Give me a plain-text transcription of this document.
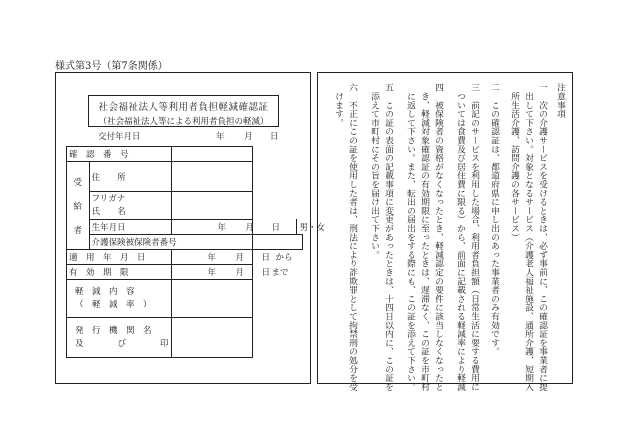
様式第3号（第7条関係）
社会福祉法人等利用者負担軽減確認証
（社会福祉法人等による利用者負担の軽減）
交付年月日	年 月 日
確　認　番　号			

受
給
者	住　　所		

	フリガナ
氏　　名		

	生年月日	年 月 日 男・女	

	介護保険被保険者番号		
適　用　年　月　日		年 月 日 から	

有　効　期　限		年 月 日 まで	

軽　減　内　容
（　軽　減　率　）			

発　行　機　関　名
及　　　　び　　　　印			

注意事項
一　次の介護サービスを受けるときは、必ず事前に、この確認証を事業者に提
　出して下さい。対象となるサービス（介護老人福祉施設、通所介護、短期入
　所生活介護、訪問介護の各サービス）
二　この確認証は、都道府県に申し出のあった事業者のみ有効です。
三　前記のサービスを利用した場合、利用者負担額（日常生活に要する費用に
　ついては食費及び居住費に限る）から、前面に記載される軽減率により軽減
四　被保険者の資格がなくなったとき、軽減認定の要件に該当しなくなったと
　き、軽減対象確認証の有効期限に至ったときは、遅滞なく、この証を市町村
　に返して下さい。また、転出の届出をする際にも、この証を添えて下さい。
五　この証の表面の記載事項に変更があったときは、十四日以内に、この証を
　添えて市町村にその旨を届け出て下さい。
六　不正にこの証を使用した者は、刑法により詐欺罪として拘禁刑の処分を受
　けます。
